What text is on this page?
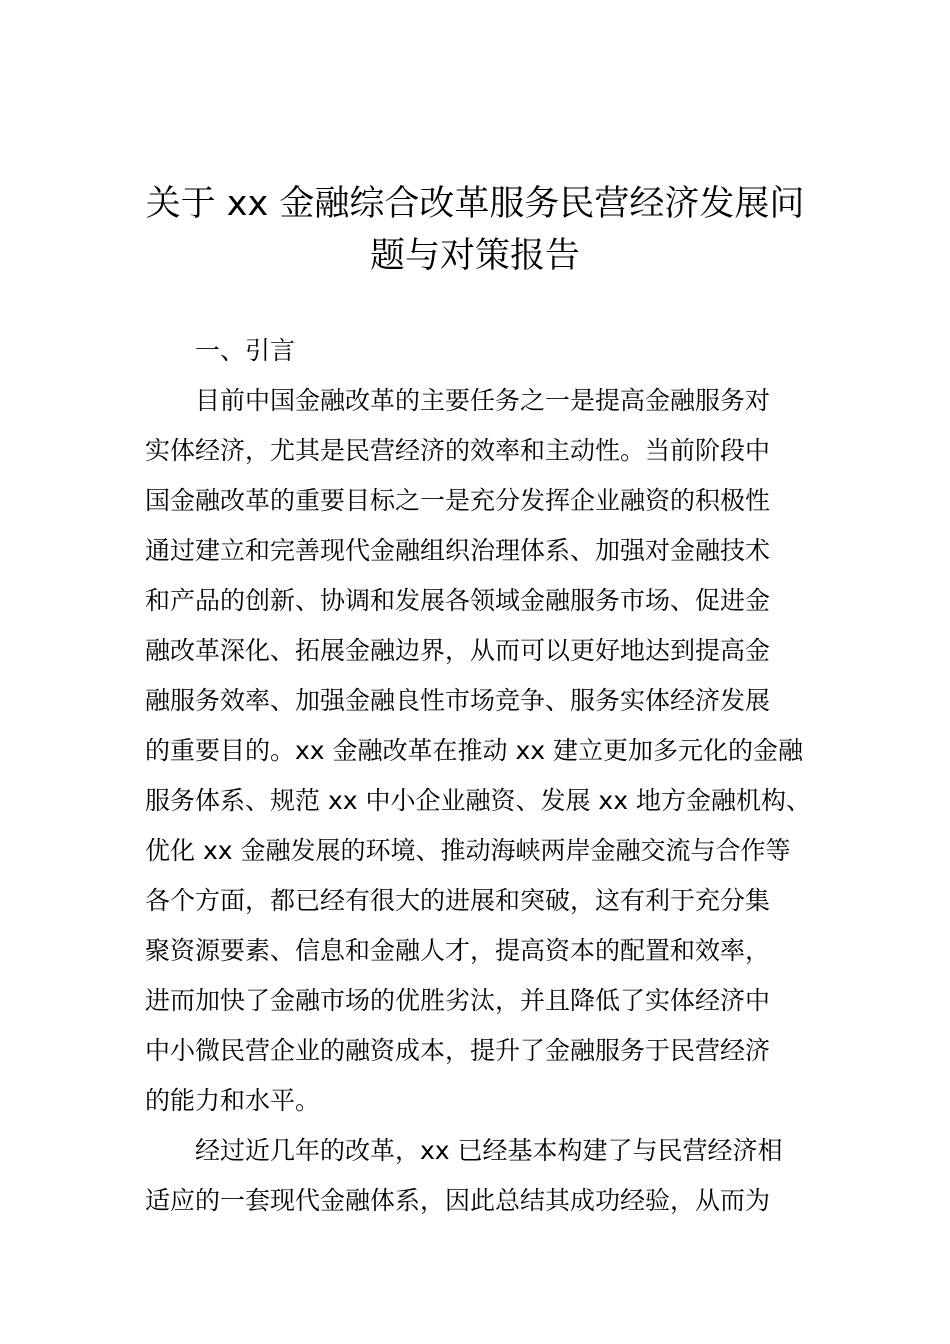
关于 xx 金融综合改革服务民营经济发展问
题与对策报告
一、引言
目前中国金融改革的主要任务之一是提高金融服务对
实体经济，尤其是民营经济的效率和主动性。当前阶段中
国金融改革的重要目标之一是充分发挥企业融资的积极性
通过建立和完善现代金融组织治理体系、加强对金融技术
和产品的创新、协调和发展各领域金融服务市场、促进金
融改革深化、拓展金融边界，从而可以更好地达到提高金
融服务效率、加强金融良性市场竞争、服务实体经济发展
的重要目的。xx 金融改革在推动 xx 建立更加多元化的金融
服务体系、规范 xx 中小企业融资、发展 xx 地方金融机构、
优化 xx 金融发展的环境、推动海峡两岸金融交流与合作等
各个方面，都已经有很大的进展和突破，这有利于充分集
聚资源要素、信息和金融人才，提高资本的配置和效率，
进而加快了金融市场的优胜劣汰，并且降低了实体经济中
中小微民营企业的融资成本，提升了金融服务于民营经济
的能力和水平。
经过近几年的改革，xx 已经基本构建了与民营经济相
适应的一套现代金融体系，因此总结其成功经验，从而为
